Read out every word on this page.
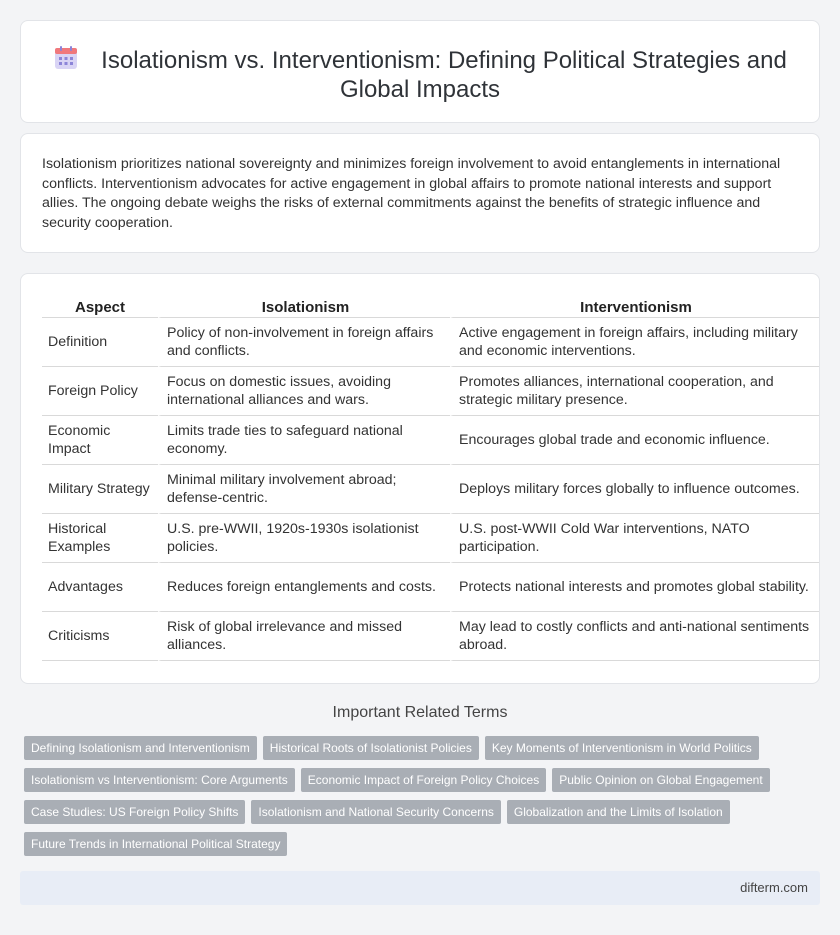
Isolationism vs. Interventionism: Defining Political Strategies and Global Impacts

Isolationism prioritizes national sovereignty and minimizes foreign involvement to avoid entanglements in international conflicts. Interventionism advocates for active engagement in global affairs to promote national interests and support allies. The ongoing debate weighs the risks of external commitments against the benefits of strategic influence and security cooperation.

Aspect	Isolationism	Interventionism
Definition	Policy of non-involvement in foreign affairs and conflicts.	Active engagement in foreign affairs, including military and economic interventions.
Foreign Policy	Focus on domestic issues, avoiding international alliances and wars.	Promotes alliances, international cooperation, and strategic military presence.
Economic Impact	Limits trade ties to safeguard national economy.	Encourages global trade and economic influence.
Military Strategy	Minimal military involvement abroad; defense-centric.	Deploys military forces globally to influence outcomes.
Historical Examples	U.S. pre-WWII, 1920s-1930s isolationist policies.	U.S. post-WWII Cold War interventions, NATO participation.
Advantages	Reduces foreign entanglements and costs.	Protects national interests and promotes global stability.
Criticisms	Risk of global irrelevance and missed alliances.	May lead to costly conflicts and anti-national sentiments abroad.
Important Related Terms
Defining Isolationism and Interventionism	Historical Roots of Isolationist Policies	Key Moments of Interventionism in World Politics
Isolationism vs Interventionism: Core Arguments	Economic Impact of Foreign Policy Choices	Public Opinion on Global Engagement
Case Studies: US Foreign Policy Shifts	Isolationism and National Security Concerns	Globalization and the Limits of Isolation
Future Trends in International Political Strategy
difterm.com
